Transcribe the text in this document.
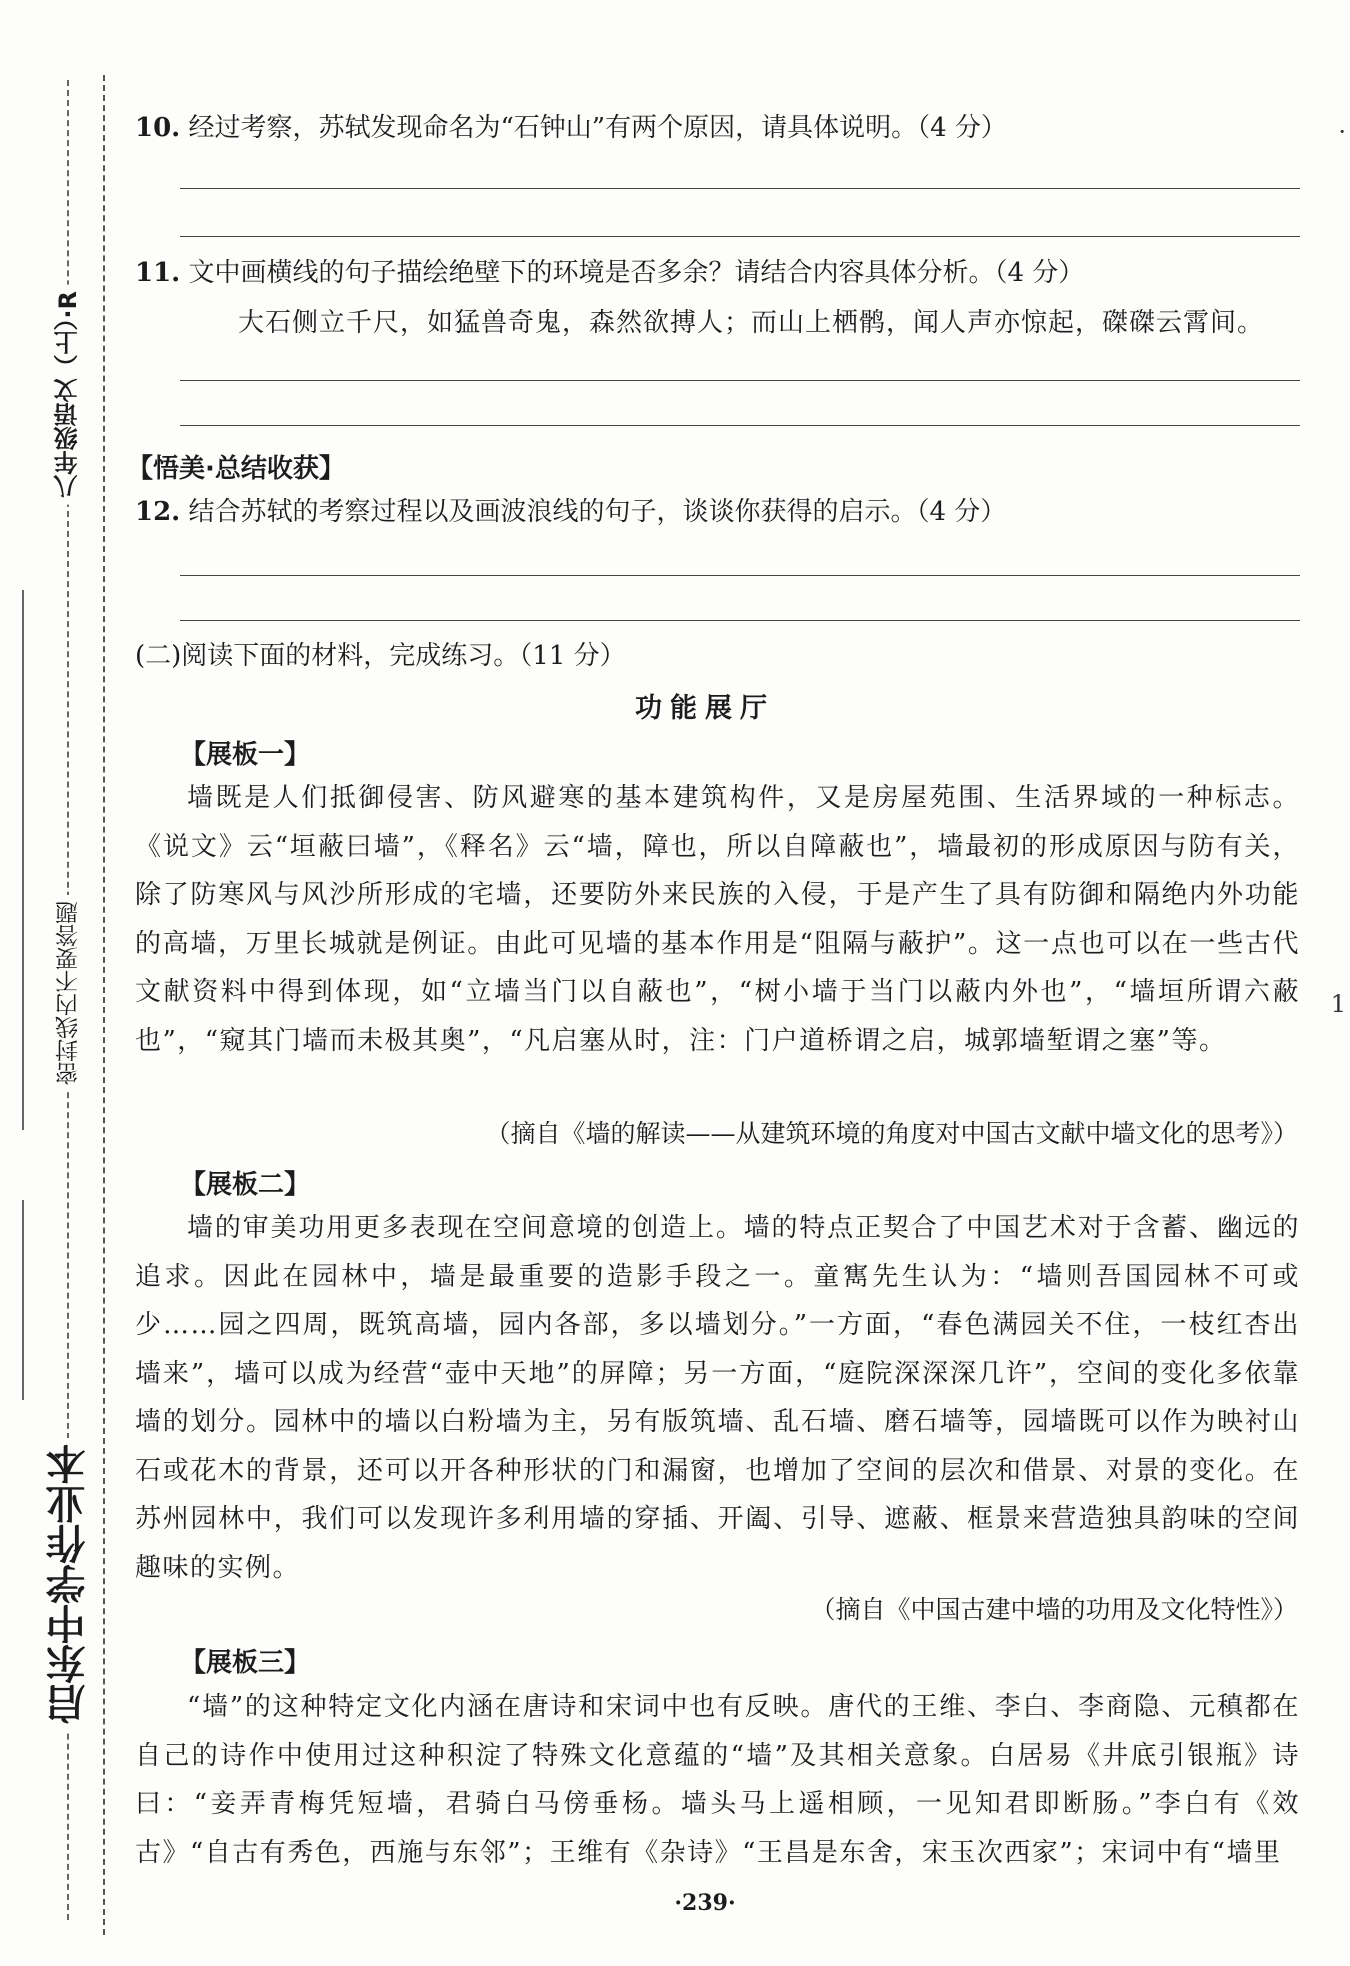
八年级语文（上）·R
密封线内不要答题
启东中学作业本
·
1
10. 经过考察，苏轼发现命名为“石钟山”有两个原因，请具体说明。（4 分）
11. 文中画横线的句子描绘绝壁下的环境是否多余？请结合内容具体分析。（4 分）
大石侧立千尺，如猛兽奇鬼，森然欲搏人；而山上栖鹘，闻人声亦惊起，磔磔云霄间。
【悟美·总结收获】
12. 结合苏轼的考察过程以及画波浪线的句子，谈谈你获得的启示。（4 分）
(二)阅读下面的材料，完成练习。（11 分）
功能展厅
【展板一】
墙既是人们抵御侵害、防风避寒的基本建筑构件，又是房屋苑围、生活界域的一种标志。《说文》云“垣蔽曰墙”，《释名》云“墙，障也，所以自障蔽也”，墙最初的形成原因与防有关，除了防寒风与风沙所形成的宅墙，还要防外来民族的入侵，于是产生了具有防御和隔绝内外功能的高墙，万里长城就是例证。由此可见墙的基本作用是“阻隔与蔽护”。这一点也可以在一些古代文献资料中得到体现，如“立墙当门以自蔽也”，“树小墙于当门以蔽内外也”，“墙垣所谓六蔽也”，“窥其门墙而未极其奥”，“凡启塞从时，注：门户道桥谓之启，城郭墙堑谓之塞”等。
（摘自《墙的解读——从建筑环境的角度对中国古文献中墙文化的思考》）
【展板二】
墙的审美功用更多表现在空间意境的创造上。墙的特点正契合了中国艺术对于含蓄、幽远的追求。因此在园林中，墙是最重要的造影手段之一。童寯先生认为：“墙则吾国园林不可或少……园之四周，既筑高墙，园内各部，多以墙划分。”一方面，“春色满园关不住，一枝红杏出墙来”，墙可以成为经营“壶中天地”的屏障；另一方面，“庭院深深深几许”，空间的变化多依靠墙的划分。园林中的墙以白粉墙为主，另有版筑墙、乱石墙、磨石墙等，园墙既可以作为映衬山石或花木的背景，还可以开各种形状的门和漏窗，也增加了空间的层次和借景、对景的变化。在苏州园林中，我们可以发现许多利用墙的穿插、开阖、引导、遮蔽、框景来营造独具韵味的空间趣味的实例。
（摘自《中国古建中墙的功用及文化特性》）
【展板三】
“墙”的这种特定文化内涵在唐诗和宋词中也有反映。唐代的王维、李白、李商隐、元稹都在自己的诗作中使用过这种积淀了特殊文化意蕴的“墙”及其相关意象。白居易《井底引银瓶》诗曰：“妾弄青梅凭短墙，君骑白马傍垂杨。墙头马上遥相顾，一见知君即断肠。”李白有《效古》“自古有秀色，西施与东邻”；王维有《杂诗》“王昌是东舍，宋玉次西家”；宋词中有“墙里
·239·
